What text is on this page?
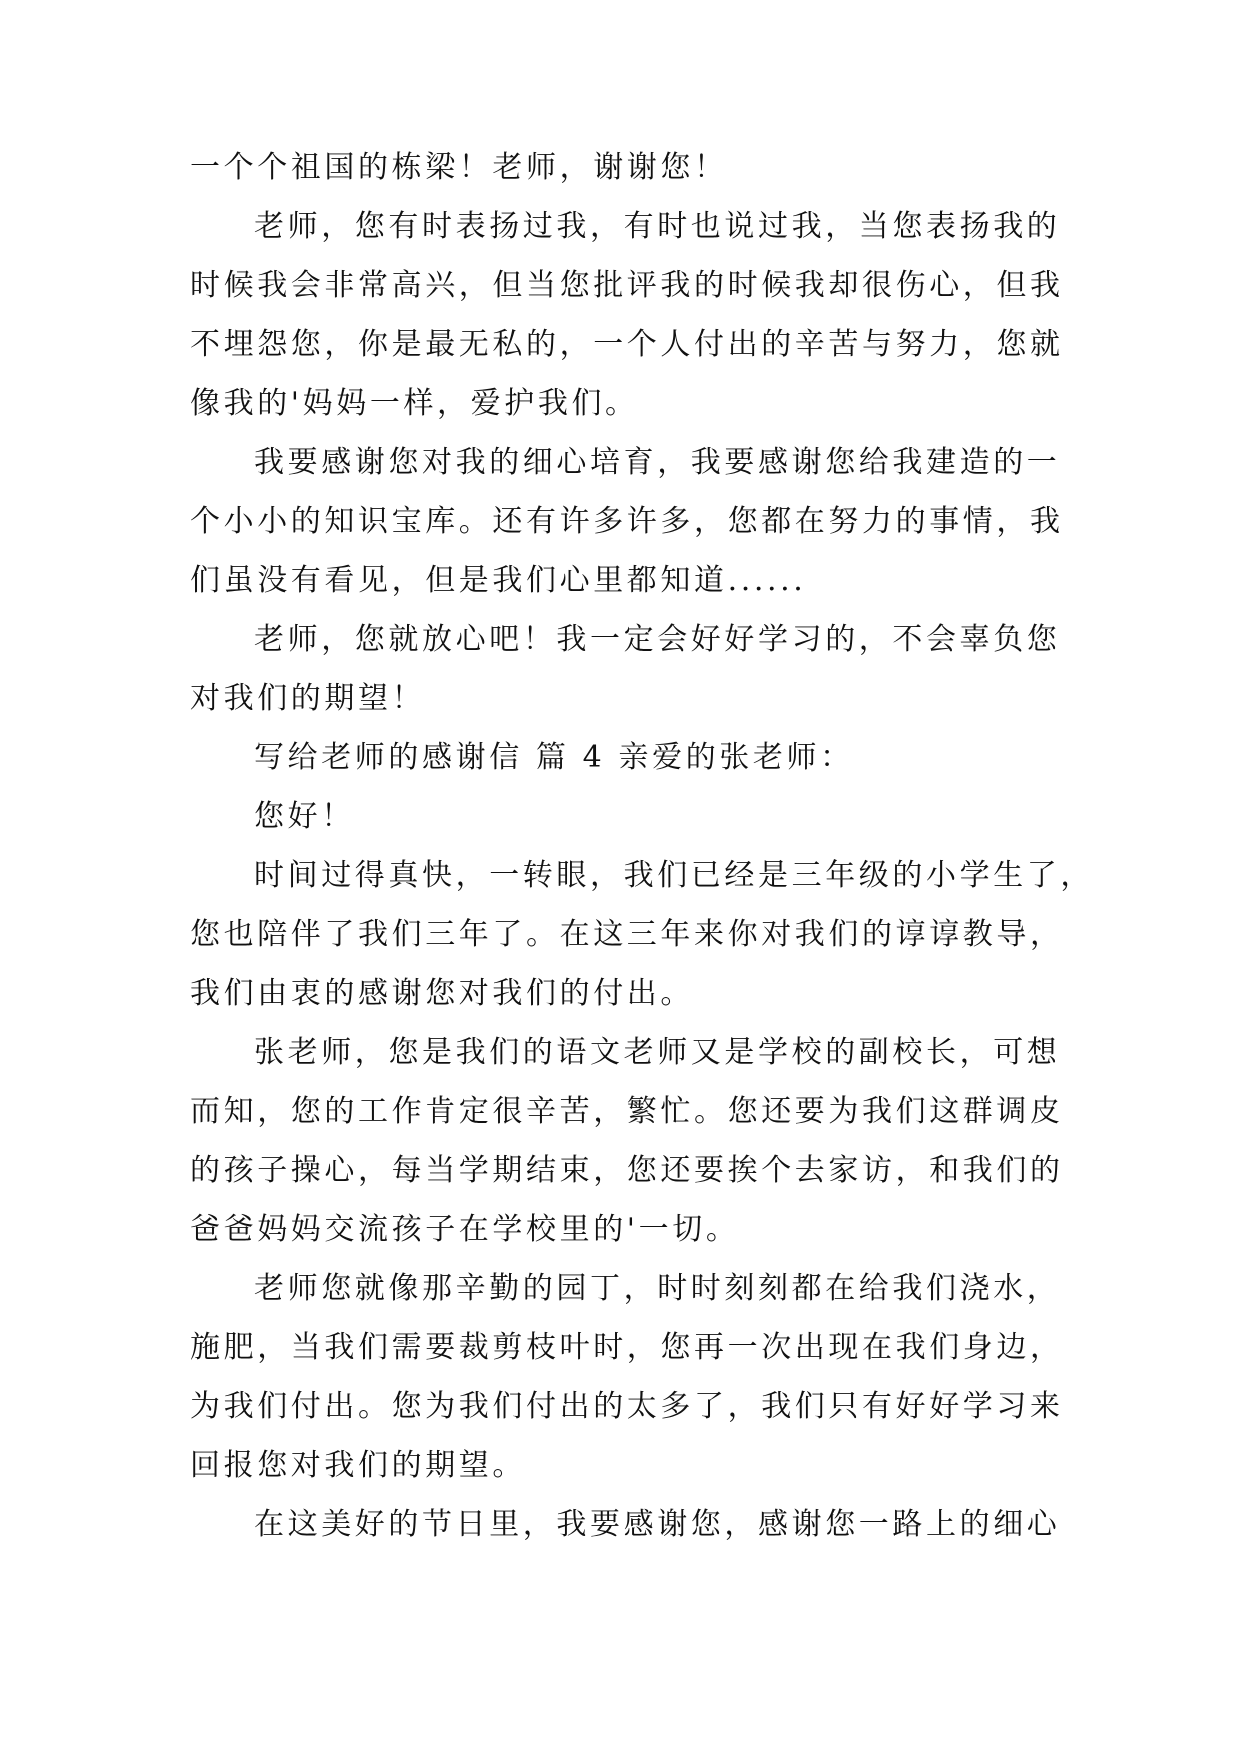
一个个祖国的栋梁！老师，谢谢您！
老师，您有时表扬过我，有时也说过我，当您表扬我的
时候我会非常高兴，但当您批评我的时候我却很伤心，但我
不埋怨您，你是最无私的，一个人付出的辛苦与努力，您就
像我的'妈妈一样，爱护我们。
我要感谢您对我的细心培育，我要感谢您给我建造的一
个小小的知识宝库。还有许多许多，您都在努力的事情，我
们虽没有看见，但是我们心里都知道......
老师，您就放心吧！我一定会好好学习的，不会辜负您
对我们的期望！
写给老师的感谢信 篇 4 亲爱的张老师：
您好！
时间过得真快，一转眼，我们已经是三年级的小学生了，
您也陪伴了我们三年了。在这三年来你对我们的谆谆教导，
我们由衷的感谢您对我们的付出。
张老师，您是我们的语文老师又是学校的副校长，可想
而知，您的工作肯定很辛苦，繁忙。您还要为我们这群调皮
的孩子操心，每当学期结束，您还要挨个去家访，和我们的
爸爸妈妈交流孩子在学校里的'一切。
老师您就像那辛勤的园丁，时时刻刻都在给我们浇水，
施肥，当我们需要裁剪枝叶时，您再一次出现在我们身边，
为我们付出。您为我们付出的太多了，我们只有好好学习来
回报您对我们的期望。
在这美好的节日里，我要感谢您，感谢您一路上的细心
